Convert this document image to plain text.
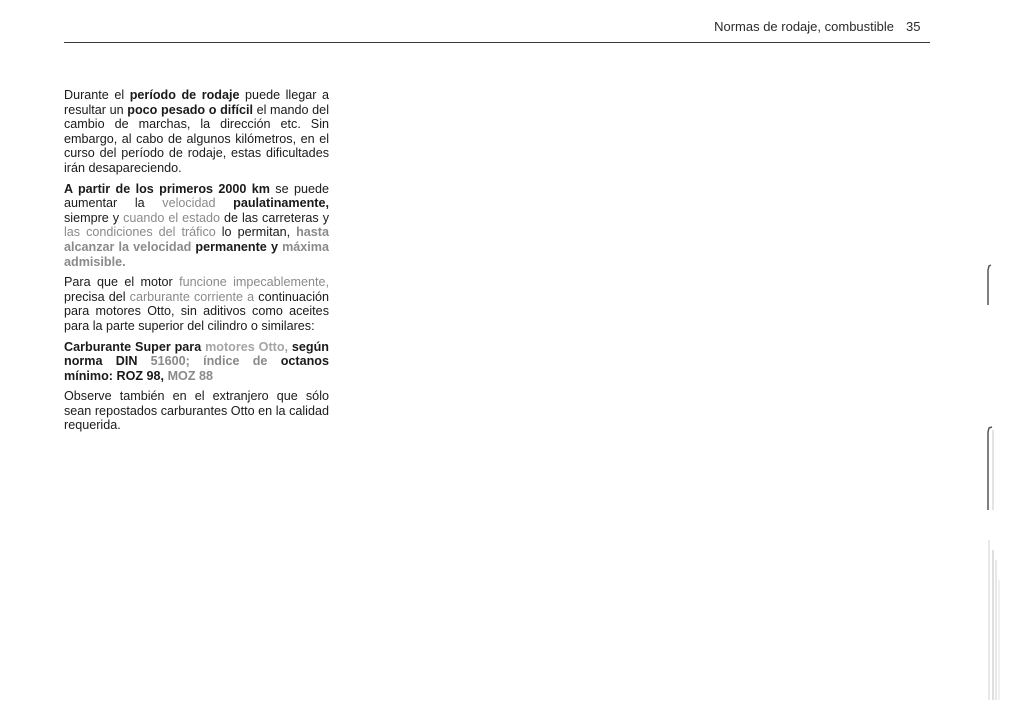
Normas de rodaje, combustible 35

Durante el período de rodaje puede llegar a resultar un poco pesado o difícil el mando del cambio de marchas, la dirección etc. Sin embargo, al cabo de algunos kilómetros, en el curso del período de rodaje, estas dificultades irán desapareciendo.

A partir de los primeros 2000 km se puede aumentar la velocidad paulatinamente, siempre y cuando el estado de las carreteras y las condiciones del tráfico lo permitan, hasta alcanzar la velocidad permanente y máxima admisible.

Para que el motor funcione impecablemente, precisa del carburante corriente a continuación para motores Otto, sin aditivos como aceites para la parte superior del cilindro o similares:

Carburante Super para motores Otto, según norma DIN 51600; índice de octanos mínimo: ROZ 98, MOZ 88

Observe también en el extranjero que sólo sean repostados carburantes Otto en la calidad requerida.
